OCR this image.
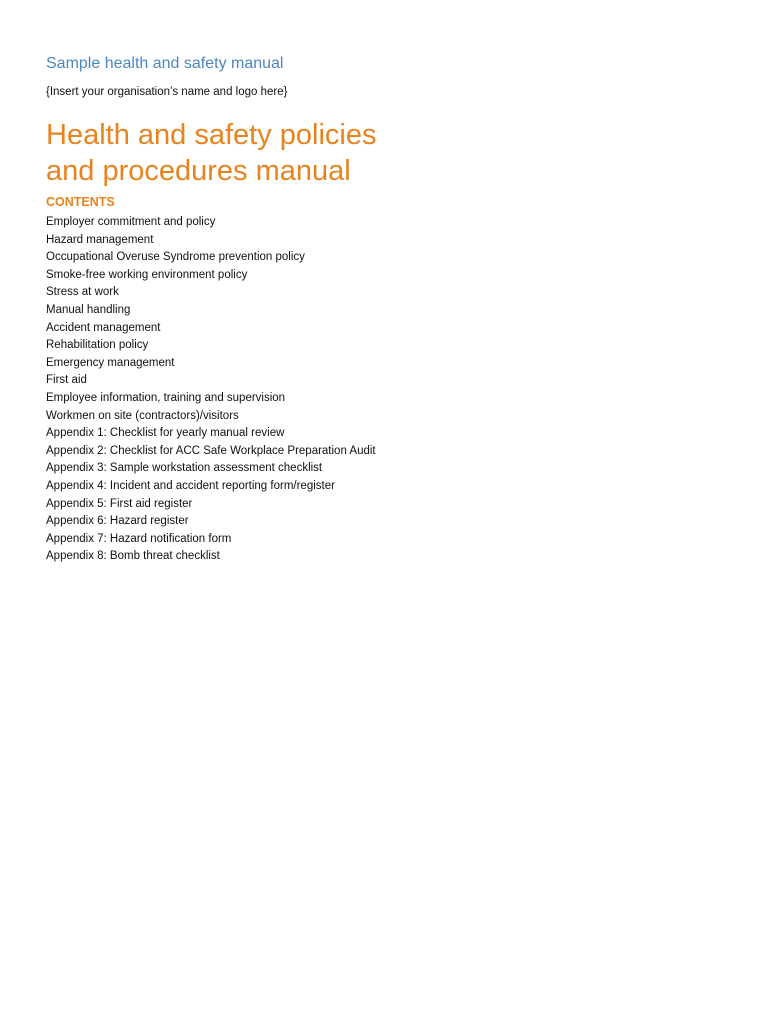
Sample health and safety manual

{Insert your organisation’s name and logo here}

Health and safety policies
and procedures manual
CONTENTS
Employer commitment and policy
Hazard management
Occupational Overuse Syndrome prevention policy
Smoke-free working environment policy
Stress at work
Manual handling
Accident management
Rehabilitation policy
Emergency management
First aid
Employee information, training and supervision
Workmen on site (contractors)/visitors
Appendix 1: Checklist for yearly manual review
Appendix 2: Checklist for ACC Safe Workplace Preparation Audit
Appendix 3: Sample workstation assessment checklist
Appendix 4: Incident and accident reporting form/register
Appendix 5: First aid register
Appendix 6: Hazard register
Appendix 7: Hazard notification form
Appendix 8: Bomb threat checklist
